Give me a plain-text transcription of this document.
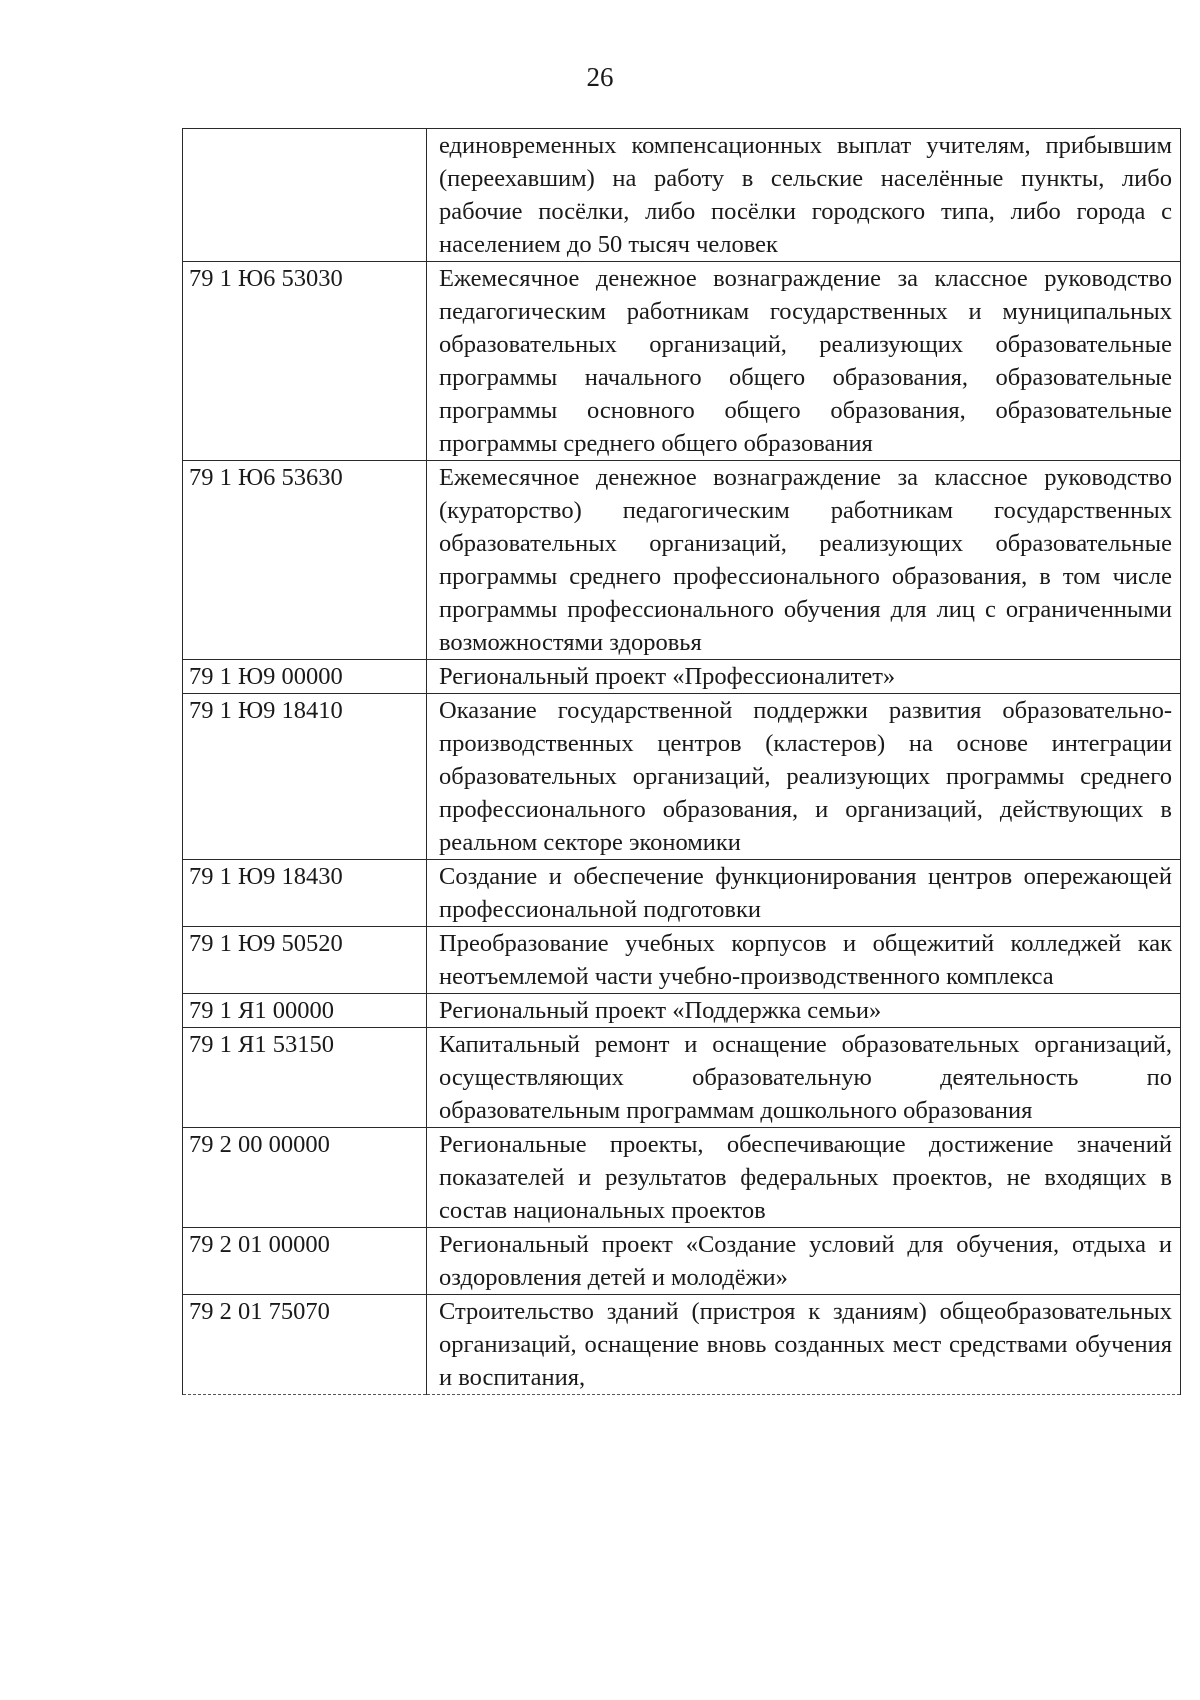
26
	единовременных компенсационных выплат учителям, прибывшим (переехавшим) на работу в сельские населённые пункты, либо рабочие посёлки, либо посёлки городского типа, либо города с населением до 50 тысяч человек
79 1 Ю6 53030	Ежемесячное денежное вознаграждение за классное руководство педагогическим работникам государственных и муниципальных образовательных организаций, реализующих образовательные программы начального общего образования, образовательные программы основного общего образования, образовательные программы среднего общего образования
79 1 Ю6 53630	Ежемесячное денежное вознаграждение за классное руководство (кураторство) педагогическим работникам государственных образовательных организаций, реализующих образовательные программы среднего профессионального образования, в том числе программы профессионального обучения для лиц с ограниченными возможностями здоровья
79 1 Ю9 00000	Региональный проект «Профессионалитет»
79 1 Ю9 18410	Оказание государственной поддержки развития образовательно-производственных центров (кластеров) на основе интеграции образовательных организаций, реализующих программы среднего профессионального образования, и организаций, действующих в реальном секторе экономики
79 1 Ю9 18430	Создание и обеспечение функционирования центров опережающей профессиональной подготовки
79 1 Ю9 50520	Преобразование учебных корпусов и общежитий колледжей как неотъемлемой части учебно-производственного комплекса
79 1 Я1 00000	Региональный проект «Поддержка семьи»
79 1 Я1 53150	Капитальный ремонт и оснащение образовательных организаций, осуществляющих образовательную деятельность по образовательным программам дошкольного образования
79 2 00 00000	Региональные проекты, обеспечивающие достижение значений показателей и результатов федеральных проектов, не входящих в состав национальных проектов
79 2 01 00000	Региональный проект «Создание условий для обучения, отдыха и оздоровления детей и молодёжи»
79 2 01 75070	Строительство зданий (пристроя к зданиям) общеобразовательных организаций, оснащение вновь созданных мест средствами обучения и воспитания,
